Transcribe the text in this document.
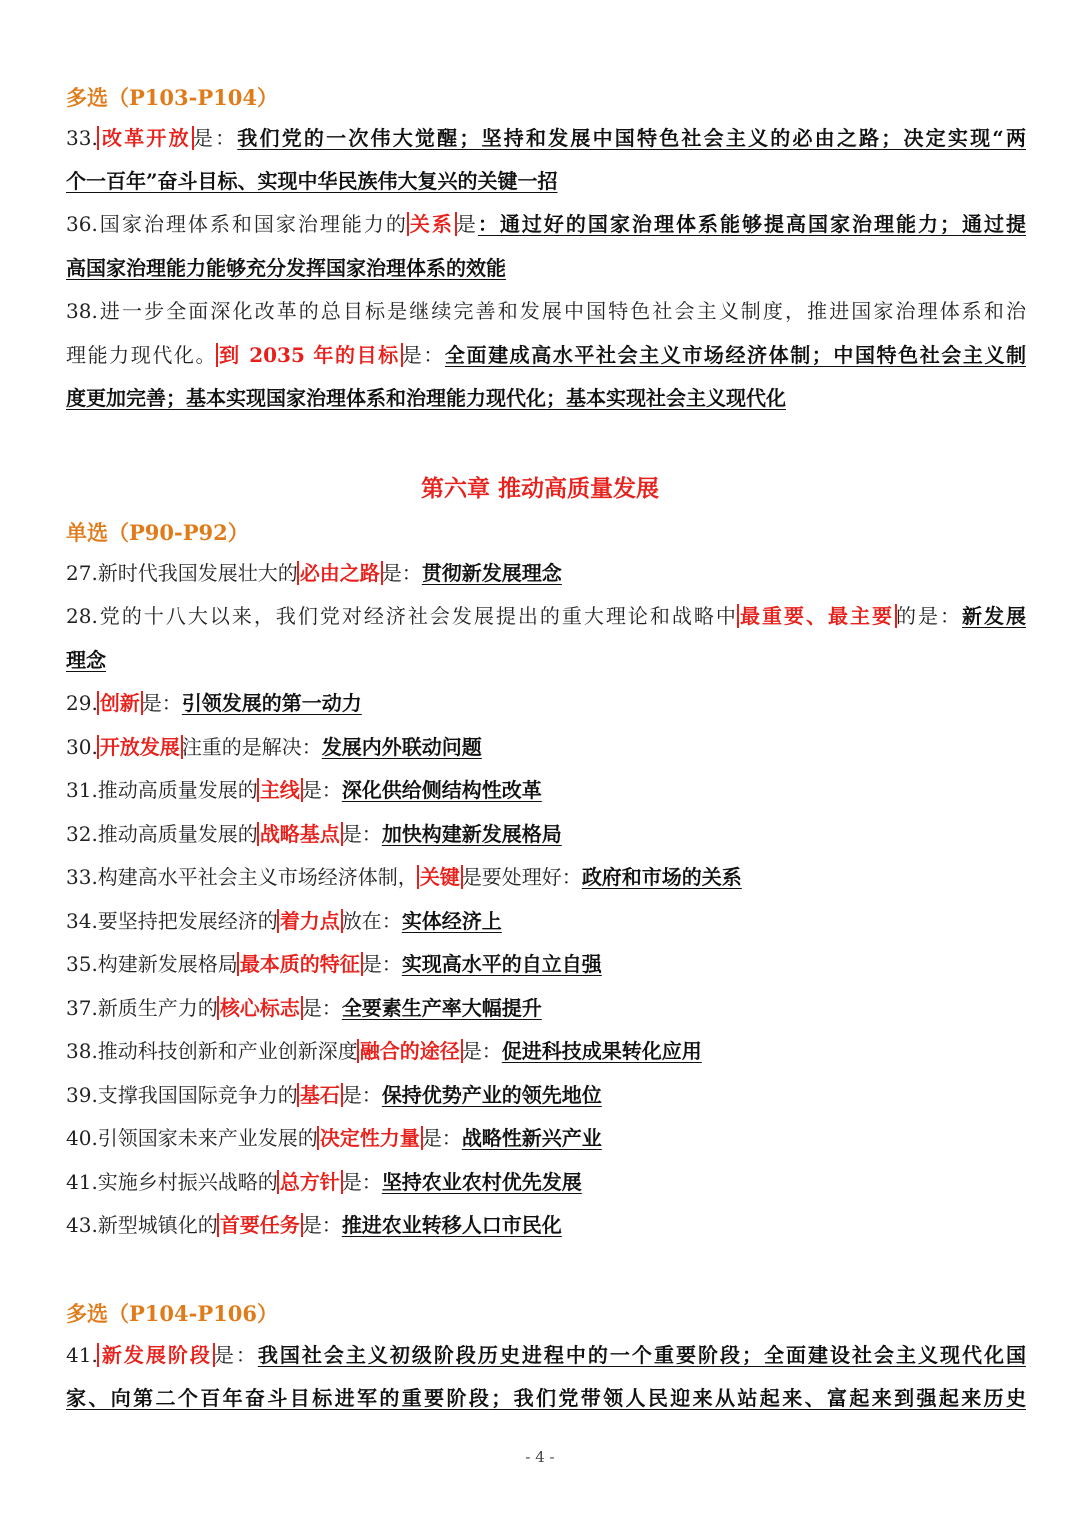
多选（P103-P104）
33. 改革开放 是：我们党的一次伟大觉醒；坚持和发展中国特色社会主义的必由之路；决定实现“两
个一百年”奋斗目标、实现中华民族伟大复兴的关键一招
36.国家治理体系和国家治理能力的 关系 是：通过好的国家治理体系能够提高国家治理能力；通过提
高国家治理能力能够充分发挥国家治理体系的效能
38.进一步全面深化改革的总目标是继续完善和发展中国特色社会主义制度，推进国家治理体系和治
理能力现代化。 到 2035 年的目标 是：全面建成高水平社会主义市场经济体制；中国特色社会主义制
度更加完善；基本实现国家治理体系和治理能力现代化；基本实现社会主义现代化
第六章 推动高质量发展
单选（P90-P92）
27.新时代我国发展壮大的 必由之路 是：贯彻新发展理念
28.党的十八大以来，我们党对经济社会发展提出的重大理论和战略中 最重要、最主要 的是：新发展
理念
29. 创新 是：引领发展的第一动力
30. 开放发展 注重的是解决：发展内外联动问题
31.推动高质量发展的 主线 是：深化供给侧结构性改革
32.推动高质量发展的 战略基点 是：加快构建新发展格局
33.构建高水平社会主义市场经济体制， 关键 是要处理好：政府和市场的关系
34.要坚持把发展经济的 着力点 放在：实体经济上
35.构建新发展格局 最本质的特征 是：实现高水平的自立自强
37.新质生产力的 核心标志 是：全要素生产率大幅提升
38.推动科技创新和产业创新深度 融合的途径 是：促进科技成果转化应用
39.支撑我国国际竞争力的 基石 是：保持优势产业的领先地位
40.引领国家未来产业发展的 决定性力量 是：战略性新兴产业
41.实施乡村振兴战略的 总方针 是：坚持农业农村优先发展
43.新型城镇化的 首要任务 是：推进农业转移人口市民化
多选（P104-P106）
41. 新发展阶段 是：我国社会主义初级阶段历史进程中的一个重要阶段；全面建设社会主义现代化国
家、向第二个百年奋斗目标进军的重要阶段；我们党带领人民迎来从站起来、富起来到强起来历史
- 4 -
